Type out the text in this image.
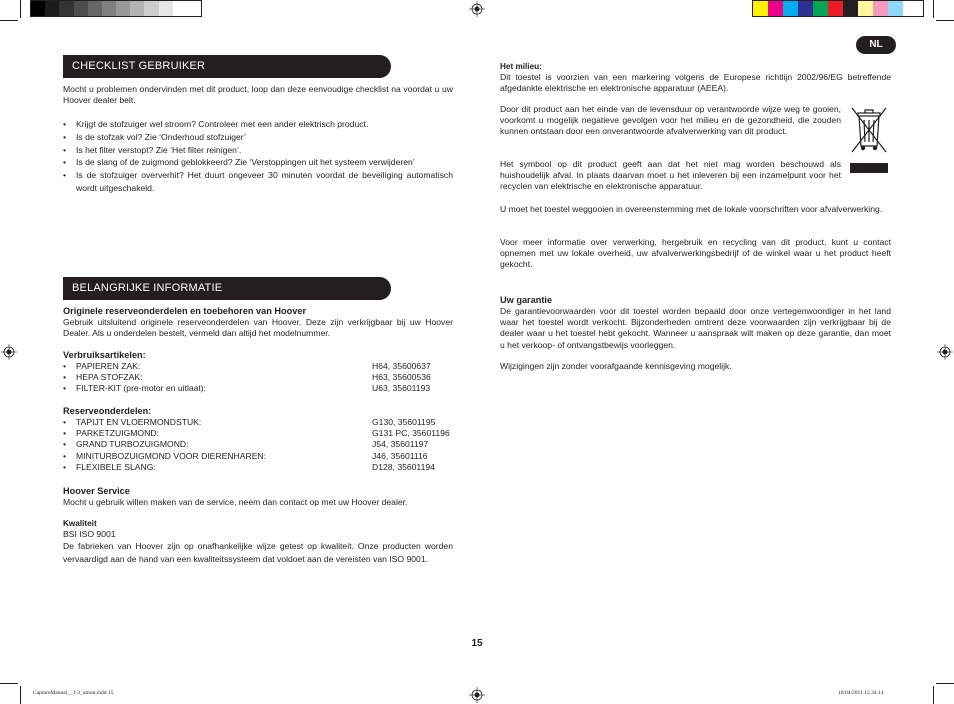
NL
CHECKLIST GEBRUIKER
Mocht u problemen ondervinden met dit product, loop dan deze eenvoudige checklist na voordat u uw Hoover dealer belt.
• Krijgt de stofzuiger wel stroom? Controleer met een ander elektrisch product.
• Is de stofzak vol? Zie ‘Onderhoud stofzuiger’
• Is het filter verstopt? Zie ‘Het filter reinigen’.
• Is de slang of de zuigmond geblokkeerd? Zie ‘Verstoppingen uit het systeem verwijderen’
• Is de stofzuiger oververhit? Het duurt ongeveer 30 minuten voordat de beveiliging automatisch wordt uitgeschakeld.
BELANGRIJKE INFORMATIE
Originele reserveonderdelen en toebehoren van Hoover
Gebruik uitsluitend originele reserveonderdelen van Hoover. Deze zijn verkrijgbaar bij uw Hoover Dealer. Als u onderdelen bestelt, vermeld dan altijd het modelnummer.
Verbruiksartikelen:
• PAPIEREN ZAK:	H64, 35600637
• HEPA STOFZAK:	H63, 35600536
• FILTER-KIT (pre-motor en uitlaat):	U63, 35601193
Reserveonderdelen:
• TAPIJT EN VLOERMONDSTUK:	G130, 35601195
• PARKETZUIGMOND:	G131 PC, 35601196
• GRAND TURBOZUIGMOND:	J54, 35601197
• MINITURBOZUIGMOND VOOR DIERENHAREN:	J46, 35601116
• FLEXIBELE SLANG:	D128, 35601194
Hoover Service
Mocht u gebruik willen maken van de service, neem dan contact op met uw Hoover dealer.
Kwaliteit
BSI ISO 9001
De fabrieken van Hoover zijn op onafhankelijke wijze getest op kwaliteit. Onze producten worden vervaardigd aan de hand van een kwaliteitssysteem dat voldoet aan de vereisten van ISO 9001.
Het milieu:
Dit toestel is voorzien van een markering volgens de Europese richtlijn 2002/96/EG betreffende afgedankte elektrische en elektronische apparatuur (AEEA).
Door dit product aan het einde van de levensduur op verantwoorde wijze weg te gooien, voorkomt u mogelijk negatieve gevolgen voor het milieu en de gezondheid, die zouden kunnen ontstaan door een onverantwoorde afvalverwerking van dit product.
Het symbool op dit product geeft aan dat het niet mag worden beschouwd als huishoudelijk afval. In plaats daarvan moet u het inleveren bij een inzamelpunt voor het recyclen van elektrische en elektronische apparatuur.
U moet het toestel weggooien in overeenstemming met de lokale voorschriften voor afvalverwerking.
Voor meer informatie over verwerking, hergebruik en recycling van dit product, kunt u contact opnemen met uw lokale overheid, uw afvalverwerkingsbedrijf of de winkel waar u het product heeft gekocht.
Uw garantie
De garantievoorwaarden voor dit toestel worden bepaald door onze vertegenwoordiger in het land waar het toestel wordt verkocht. Bijzonderheden omtrent deze voorwaarden zijn verkrijgbaar bij de dealer waar u het toestel hebt gekocht. Wanneer u aanspraak wilt maken op deze garantie, dan moet u het verkoop- of ontvangstbewijs voorleggen.
Wijzigingen zijn zonder voorafgaande kennisgeving mogelijk.
15
CaptureManual__1-3_union.indd 15	18/04/2011 12.34.14
